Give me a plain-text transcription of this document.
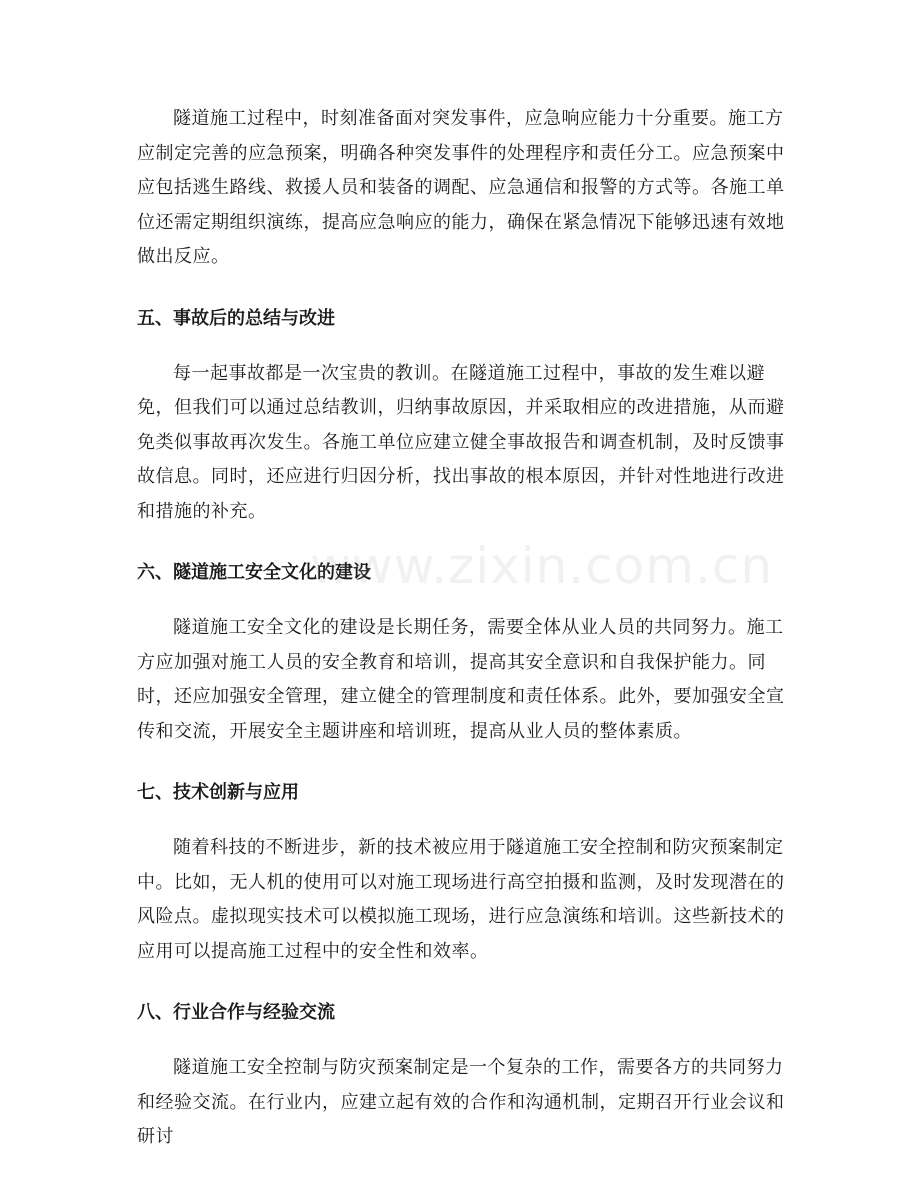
隧道施工过程中，时刻准备面对突发事件，应急响应能力十分重要。施工方应制定完善的应急预案，明确各种突发事件的处理程序和责任分工。应急预案中应包括逃生路线、救援人员和装备的调配、应急通信和报警的方式等。各施工单位还需定期组织演练，提高应急响应的能力，确保在紧急情况下能够迅速有效地做出反应。

五、事故后的总结与改进

每一起事故都是一次宝贵的教训。在隧道施工过程中，事故的发生难以避免，但我们可以通过总结教训，归纳事故原因，并采取相应的改进措施，从而避免类似事故再次发生。各施工单位应建立健全事故报告和调查机制，及时反馈事故信息。同时，还应进行归因分析，找出事故的根本原因，并针对性地进行改进和措施的补充。

六、隧道施工安全文化的建设

隧道施工安全文化的建设是长期任务，需要全体从业人员的共同努力。施工方应加强对施工人员的安全教育和培训，提高其安全意识和自我保护能力。同时，还应加强安全管理，建立健全的管理制度和责任体系。此外，要加强安全宣传和交流，开展安全主题讲座和培训班，提高从业人员的整体素质。

七、技术创新与应用

随着科技的不断进步，新的技术被应用于隧道施工安全控制和防灾预案制定中。比如，无人机的使用可以对施工现场进行高空拍摄和监测，及时发现潜在的风险点。虚拟现实技术可以模拟施工现场，进行应急演练和培训。这些新技术的应用可以提高施工过程中的安全性和效率。

八、行业合作与经验交流

隧道施工安全控制与防灾预案制定是一个复杂的工作，需要各方的共同努力和经验交流。在行业内，应建立起有效的合作和沟通机制，定期召开行业会议和研讨

www.zixin.com.cn
